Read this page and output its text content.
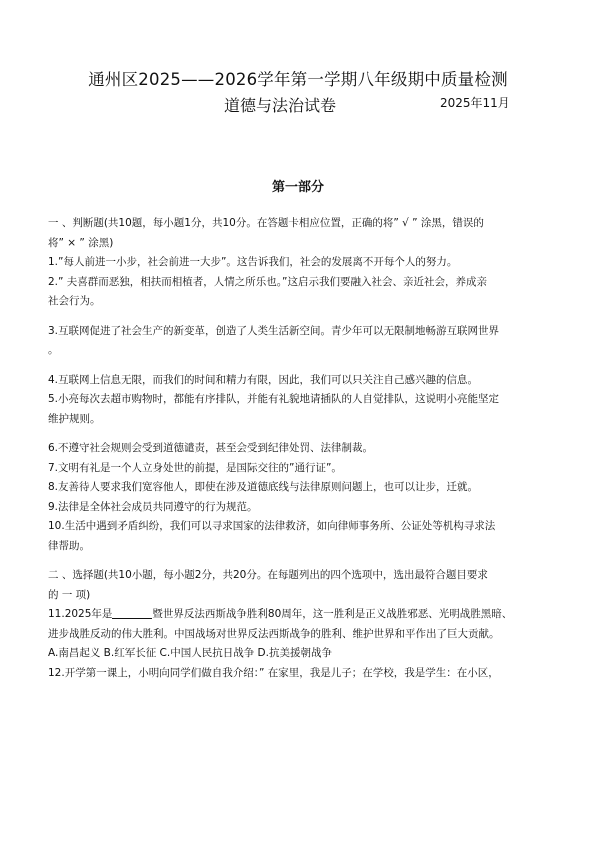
通州区2025——2026学年第一学期八年级期中质量检测
道德与法治试卷	2025年11月
第一部分
一 、判断题(共10题，每小题1分，共10分。在答题卡相应位置，正确的将” √ ” 涂黑，错误的
将” × ” 涂黑)
1.”每人前进一小步，社会前进一大步”。这告诉我们，社会的发展离不开每个人的努力。
2.” 夫喜群而恶独，相扶而相植者，人情之所乐也。”这启示我们要融入社会、亲近社会，养成亲
社会行为。
3.互联网促进了社会生产的新变革，创造了人类生活新空间。青少年可以无限制地畅游互联网世界
。
4.互联网上信息无限，而我们的时间和精力有限，因此，我们可以只关注自己感兴趣的信息。
5.小亮每次去超市购物时，都能有序排队，并能有礼貌地请插队的人自觉排队，这说明小亮能坚定
维护规则。
6.不遵守社会规则会受到道德谴责，甚至会受到纪律处罚、法律制裁。
7.文明有礼是一个人立身处世的前提，是国际交往的”通行证”。
8.友善待人要求我们宽容他人，即使在涉及道德底线与法律原则问题上，也可以让步，迁就。
9.法律是全体社会成员共同遵守的行为规范。
10.生活中遇到矛盾纠纷，我们可以寻求国家的法律救济，如向律师事务所、公证处等机构寻求法
律帮助。
二 、选择题(共10小题，每小题2分，共20分。在每题列出的四个选项中，选出最符合题目要求
的 一 项)
11.2025年是	暨世界反法西斯战争胜利80周年，这一胜利是正义战胜邪恶、光明战胜黑暗、
进步战胜反动的伟大胜利。中国战场对世界反法西斯战争的胜利、维护世界和平作出了巨大贡献。
A.南昌起义 B.红军长征 C.中国人民抗日战争 D.抗美援朝战争
12.开学第一课上，小明向同学们做自我介绍：” 在家里，我是儿子；在学校，我是学生：在小区，
